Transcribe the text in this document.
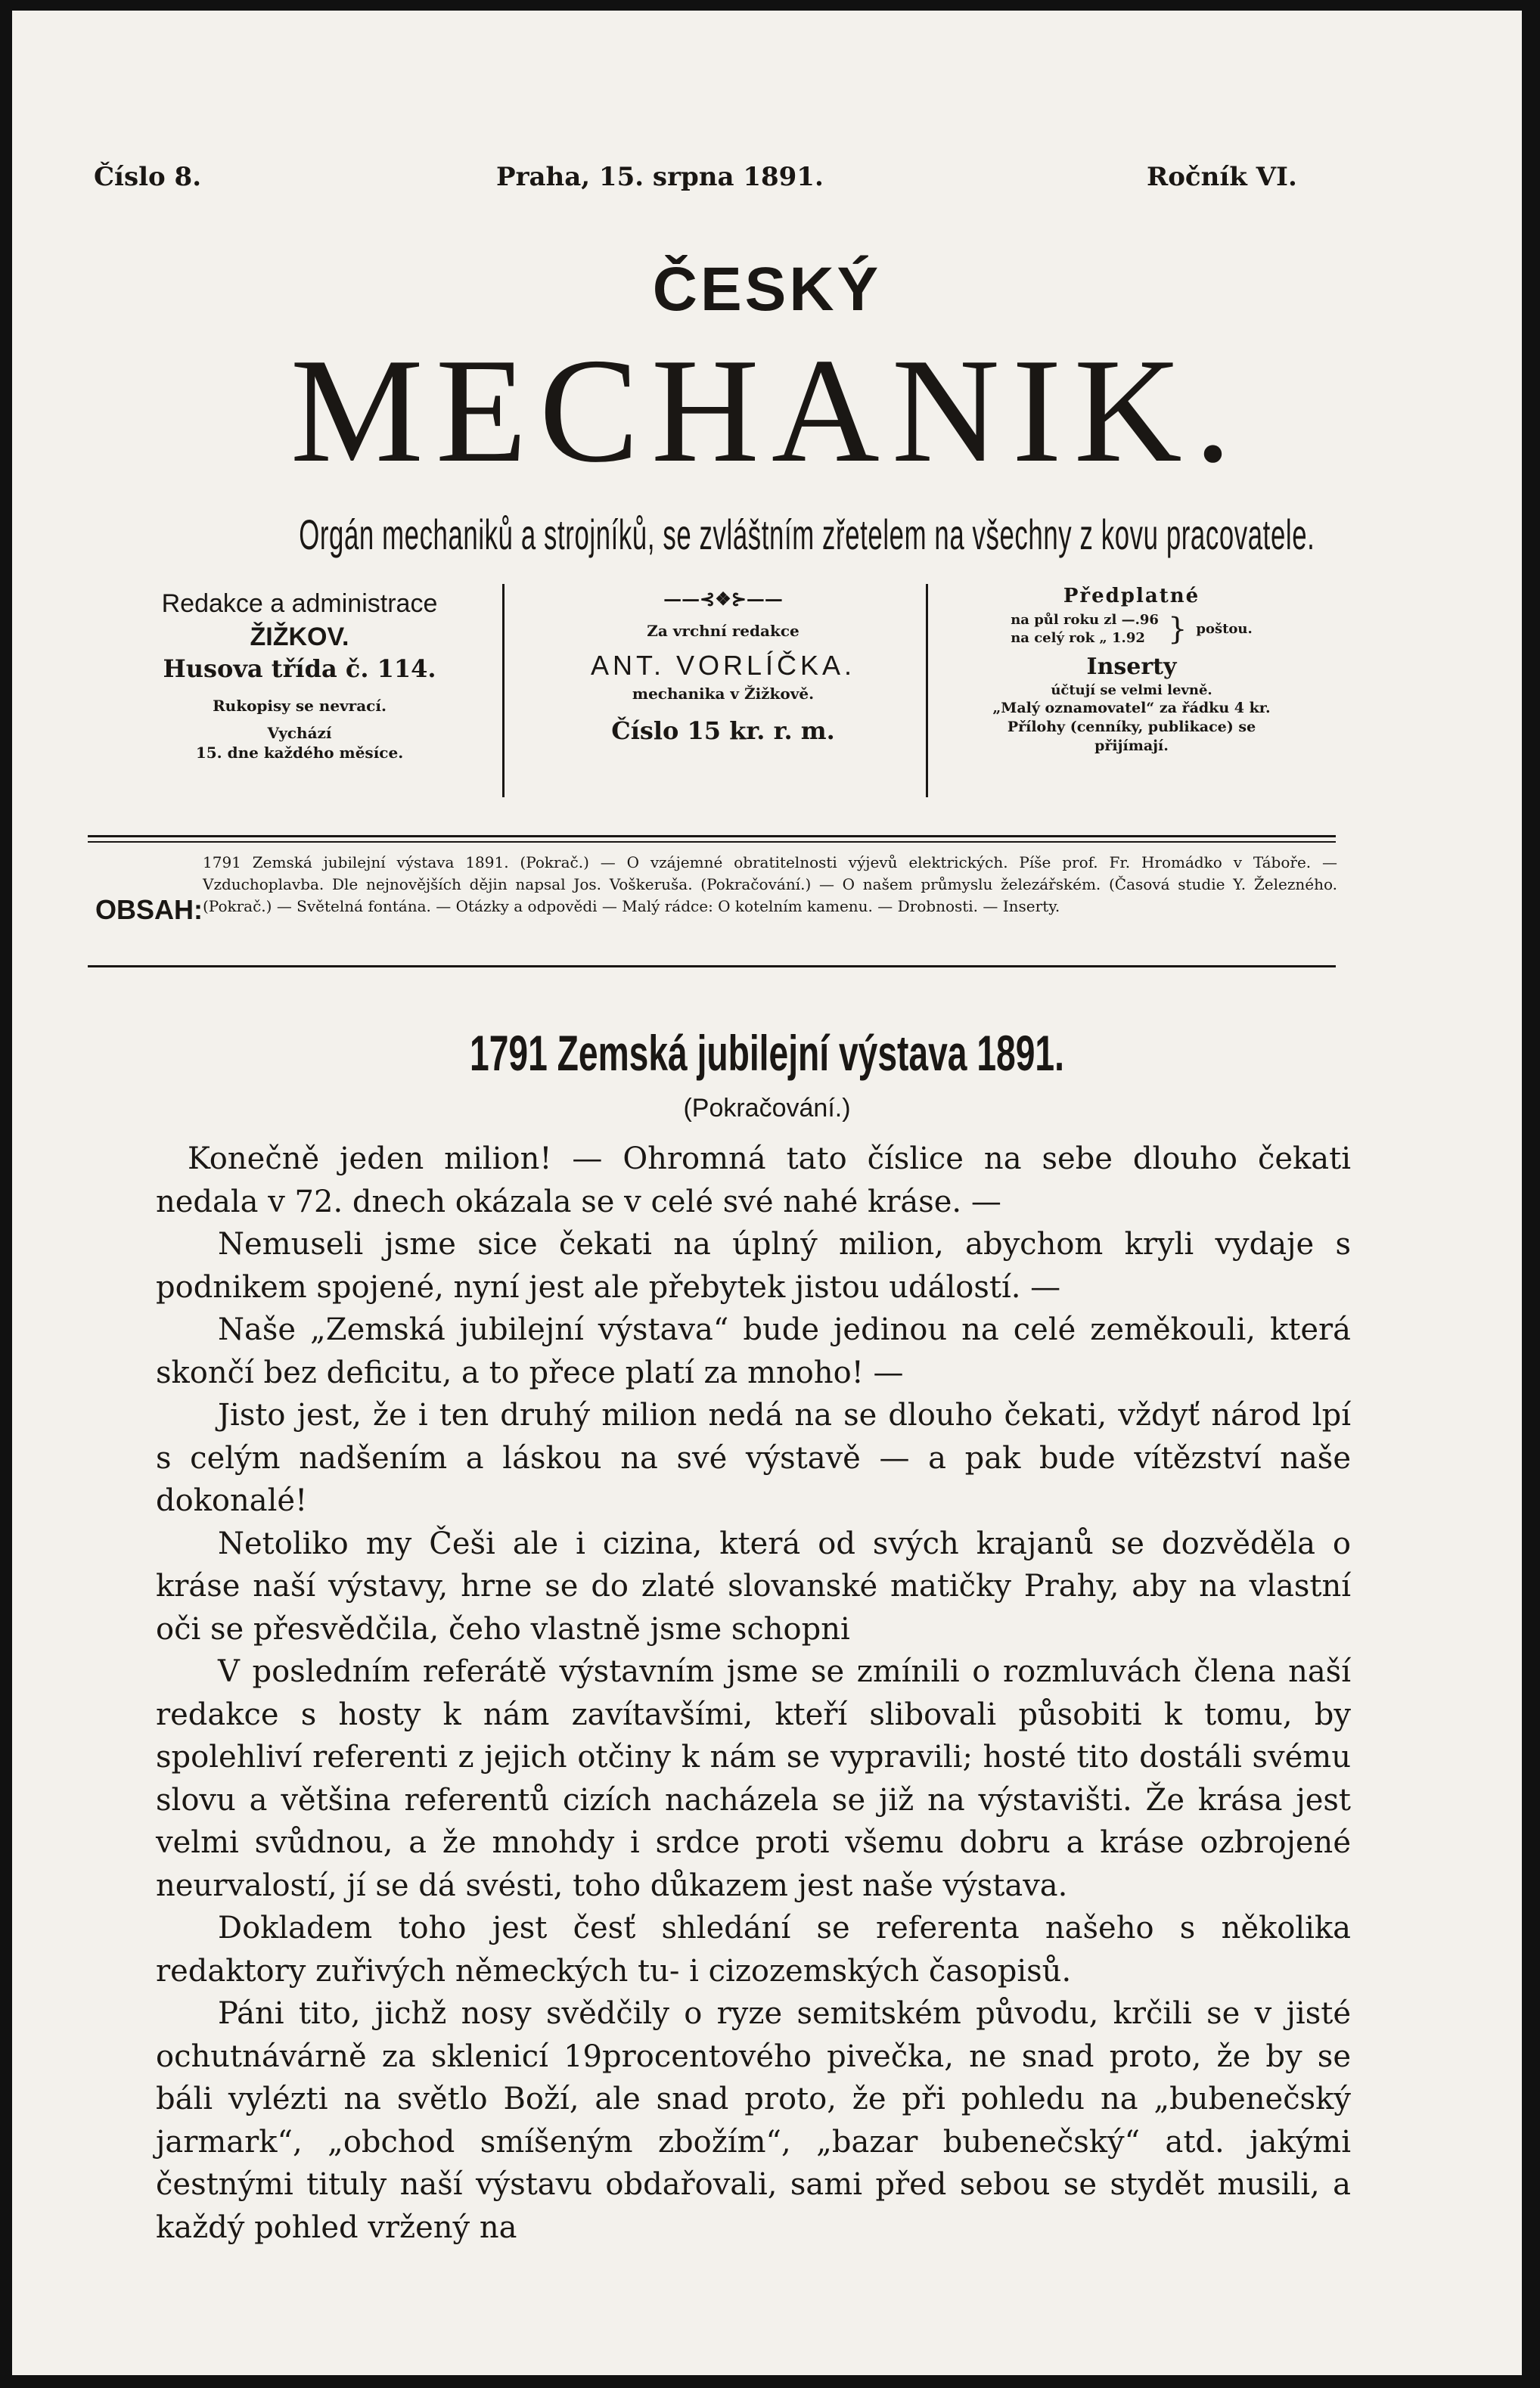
Číslo 8.	Praha, 15. srpna 1891.	Ročník VI.
ČESKÝ
MECHANIK.
Orgán mechaniků a strojníků, se zvláštním zřetelem na všechny z kovu pracovatele.
Redakce a administrace
ŽIŽKOV.
Husova třída č. 114.
Rukopisy se nevrací.
Vychází
15. dne každého měsíce.
——⊰❖⊱——
Za vrchní redakce
ANT. VORLÍČKA.
mechanika v Žižkově.
Číslo 15 kr. r. m.
Předplatné
na půl roku zl —.96
na celý rok „ 1.92 } poštou.
Inserty
účtují se velmi levně.
„Malý oznamovatel“ za řádku 4 kr.
Přílohy (cenníky, publikace) se
přijímají.
OBSAH:
1791 Zemská jubilejní výstava 1891. (Pokrač.) — O vzájemné obratitelnosti výjevů elektrických. Píše prof. Fr. Hromádko v Táboře. — Vzduchoplavba. Dle nejnovějších dějin napsal Jos. Voškeruša. (Pokračování.) — O našem průmyslu železářském. (Časová studie Y. Železného. (Pokrač.) — Světelná fontána. — Otázky a odpovědi — Malý rádce: O kotelním kamenu. — Drobnosti. — Inserty.
1791 Zemská jubilejní výstava 1891.
(Pokračování.)

Konečně jeden milion! — Ohromná tato číslice na sebe dlouho čekati nedala v 72. dnech okázala se v celé své nahé kráse. —

Nemuseli jsme sice čekati na úplný milion, abychom kryli vydaje s podnikem spojené, nyní jest ale přebytek jistou událostí. —

Naše „Zemská jubilejní výstava“ bude jedinou na celé zeměkouli, která skončí bez deficitu, a to přece platí za mnoho! —

Jisto jest, že i ten druhý milion nedá na se dlouho čekati, vždyť národ lpí s celým nadšením a láskou na své výstavě — a pak bude vítězství naše dokonalé!

Netoliko my Češi ale i cizina, která od svých krajanů se dozvěděla o kráse naší výstavy, hrne se do zlaté slovanské matičky Prahy, aby na vlastní oči se přesvědčila, čeho vlastně jsme schopni

V posledním referátě výstavním jsme se zmínili o rozmluvách člena naší redakce s hosty k nám zavítavšími, kteří slibovali působiti k tomu, by spolehliví referenti z jejich otčiny k nám se vypravili; hosté tito dostáli svému slovu a většina referentů cizích nacházela se již na výstavišti. Že krása jest velmi svůdnou, a že mnohdy i srdce proti všemu dobru a kráse ozbrojené neurvalostí, jí se dá svésti, toho důkazem jest naše výstava.

Dokladem toho jest česť shledání se referenta našeho s několika redaktory zuřivých německých tu- i cizozemských časopisů.

Páni tito, jichž nosy svědčily o ryze semitském původu, krčili se v jisté ochutnávárně za sklenicí 19procentového pivečka, ne snad proto, že by se báli vylézti na světlo Boží, ale snad proto, že při pohledu na „bubenečský jarmark“, „obchod smíšeným zbožím“, „bazar bubenečský“ atd. jakými čestnými tituly naší výstavu obdařovali, sami před sebou se stydět musili, a každý pohled vržený na
